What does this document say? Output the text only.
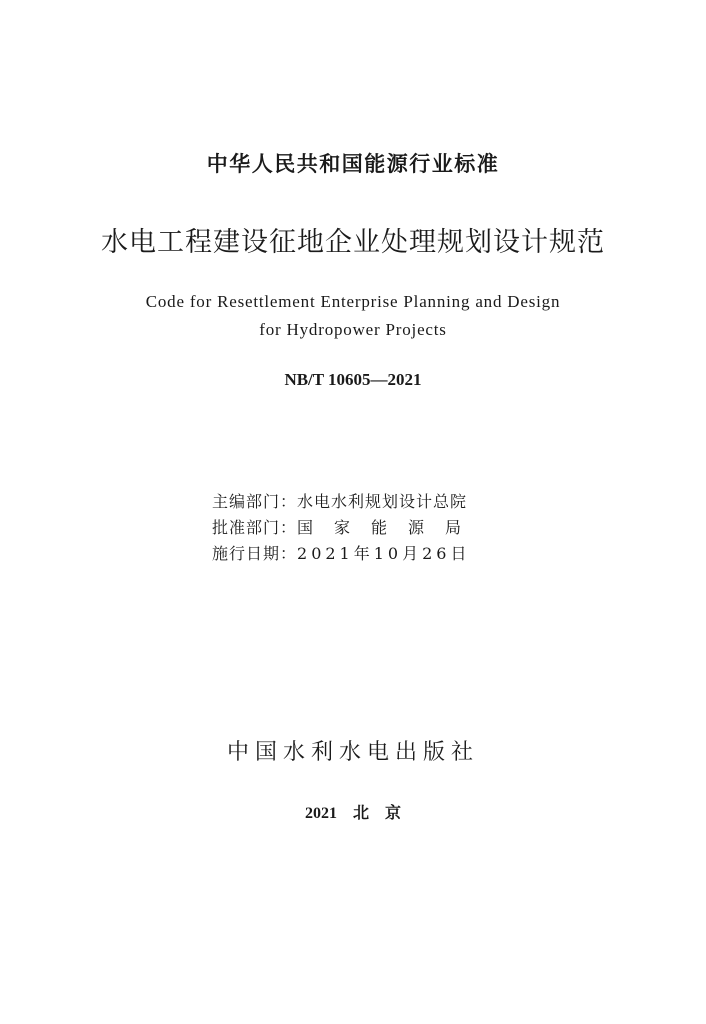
中华人民共和国能源行业标准
水电工程建设征地企业处理规划设计规范
Code for Resettlement Enterprise Planning and Design
for Hydropower Projects
NB/T 10605—2021
主编部门： 水电水利规划设计总院
批准部门： 国家能源局
施行日期： 2021年10月26日
中国水利水电出版社
2021 北 京
